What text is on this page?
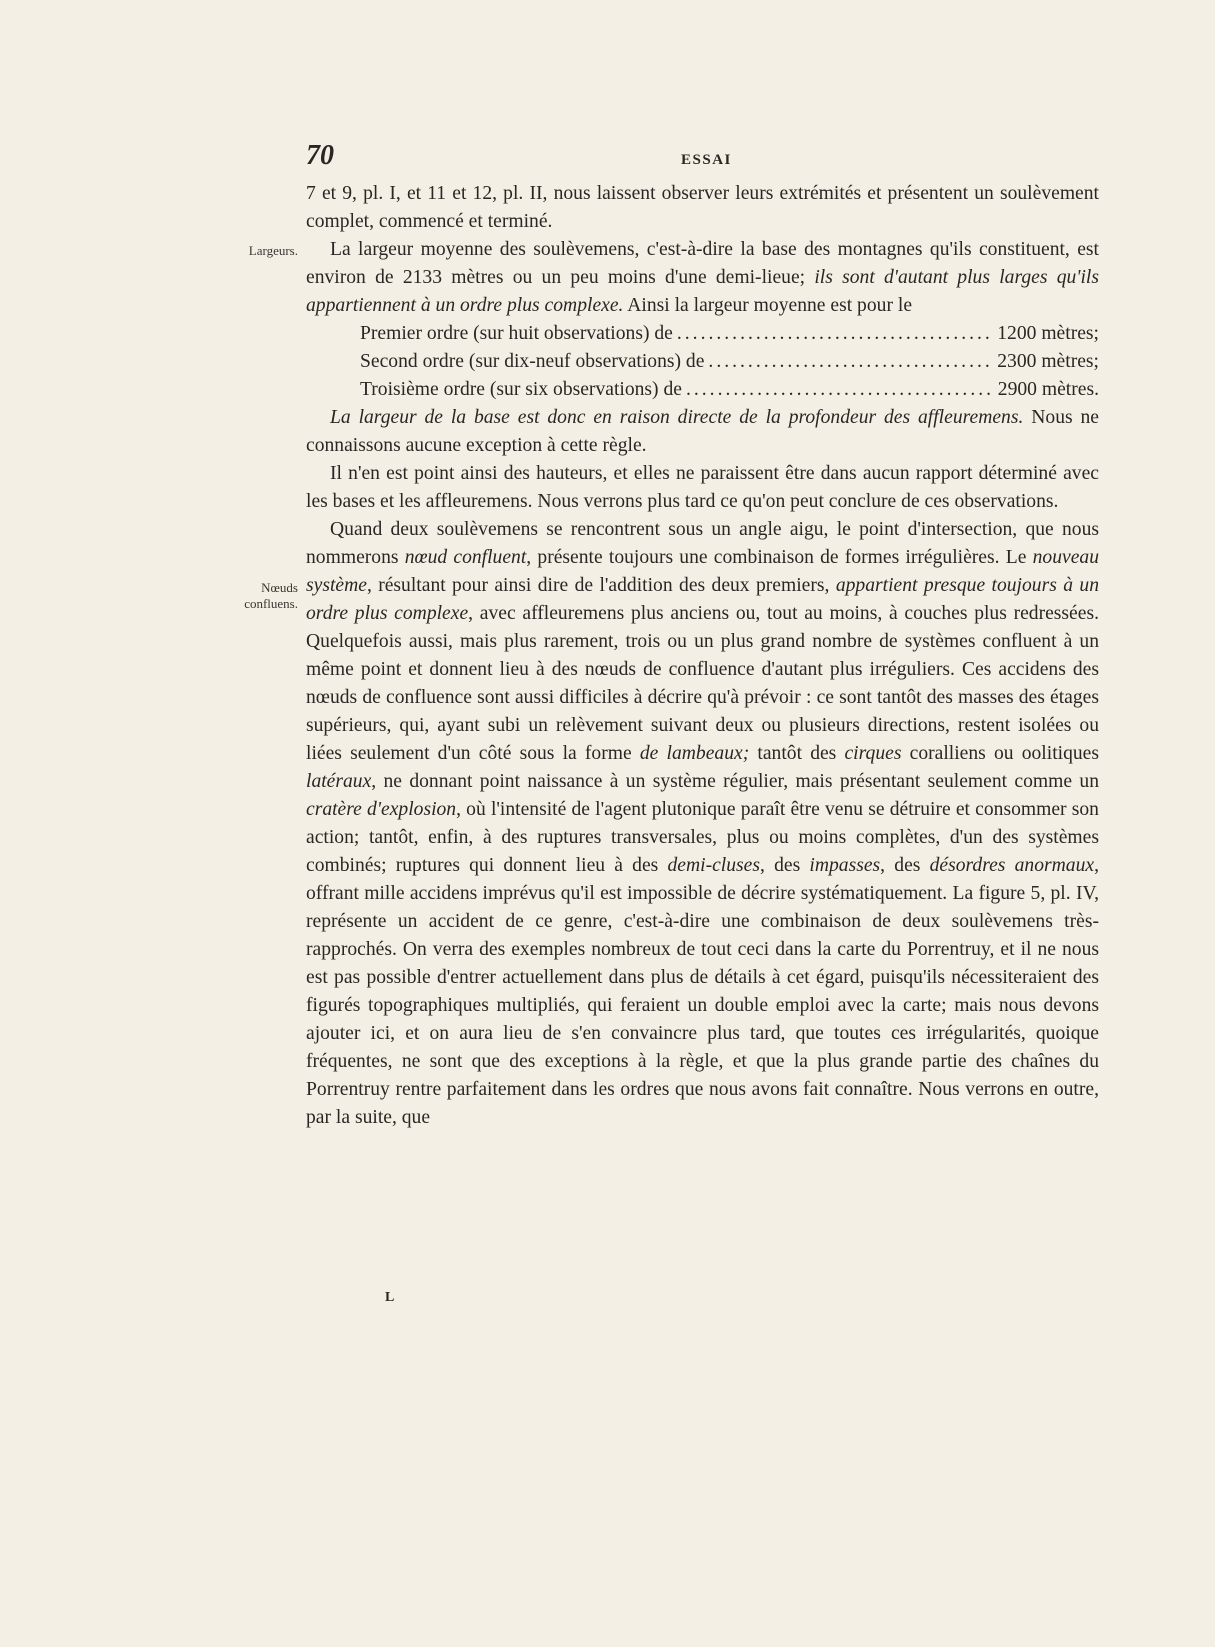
70	ESSAI
Largeurs.
Nœuds
confluens.

7 et 9, pl. I, et 11 et 12, pl. II, nous laissent observer leurs extrémités et présentent un soulèvement complet, commencé et terminé.

La largeur moyenne des soulèvemens, c'est-à-dire la base des montagnes qu'ils constituent, est environ de 2133 mètres ou un peu moins d'une demi-lieue; ils sont d'autant plus larges qu'ils appartiennent à un ordre plus complexe. Ainsi la largeur moyenne est pour le

Premier ordre (sur huit observations) de .....	1200 mètres;
Second ordre (sur dix-neuf observations) de .....	2300 mètres;
Troisième ordre (sur six observations) de .....	2900 mètres.

La largeur de la base est donc en raison directe de la profondeur des affleuremens. Nous ne connaissons aucune exception à cette règle.

Il n'en est point ainsi des hauteurs, et elles ne paraissent être dans aucun rapport déterminé avec les bases et les affleuremens. Nous verrons plus tard ce qu'on peut conclure de ces observations.

Quand deux soulèvemens se rencontrent sous un angle aigu, le point d'intersection, que nous nommerons nœud confluent, présente toujours une combinaison de formes irrégulières. Le nouveau système, résultant pour ainsi dire de l'addition des deux premiers, appartient presque toujours à un ordre plus complexe, avec affleuremens plus anciens ou, tout au moins, à couches plus redressées. Quelquefois aussi, mais plus rarement, trois ou un plus grand nombre de systèmes confluent à un même point et donnent lieu à des nœuds de confluence d'autant plus irréguliers. Ces accidens des nœuds de confluence sont aussi difficiles à décrire qu'à prévoir : ce sont tantôt des masses des étages supérieurs, qui, ayant subi un relèvement suivant deux ou plusieurs directions, restent isolées ou liées seulement d'un côté sous la forme de lambeaux; tantôt des cirques coralliens ou oolitiques latéraux, ne donnant point naissance à un système régulier, mais présentant seulement comme un cratère d'explosion, où l'intensité de l'agent plutonique paraît être venu se détruire et consommer son action; tantôt, enfin, à des ruptures transversales, plus ou moins complètes, d'un des systèmes combinés; ruptures qui donnent lieu à des demi-cluses, des impasses, des désordres anormaux, offrant mille accidens imprévus qu'il est impossible de décrire systématiquement. La figure 5, pl. IV, représente un accident de ce genre, c'est-à-dire une combinaison de deux soulèvemens très-rapprochés. On verra des exemples nombreux de tout ceci dans la carte du Porrentruy, et il ne nous est pas possible d'entrer actuellement dans plus de détails à cet égard, puisqu'ils nécessiteraient des figurés topographiques multipliés, qui feraient un double emploi avec la carte; mais nous devons ajouter ici, et on aura lieu de s'en convaincre plus tard, que toutes ces irrégularités, quoique fréquentes, ne sont que des exceptions à la règle, et que la plus grande partie des chaînes du Porrentruy rentre parfaitement dans les ordres que nous avons fait connaître. Nous verrons en outre, par la suite, que

L
